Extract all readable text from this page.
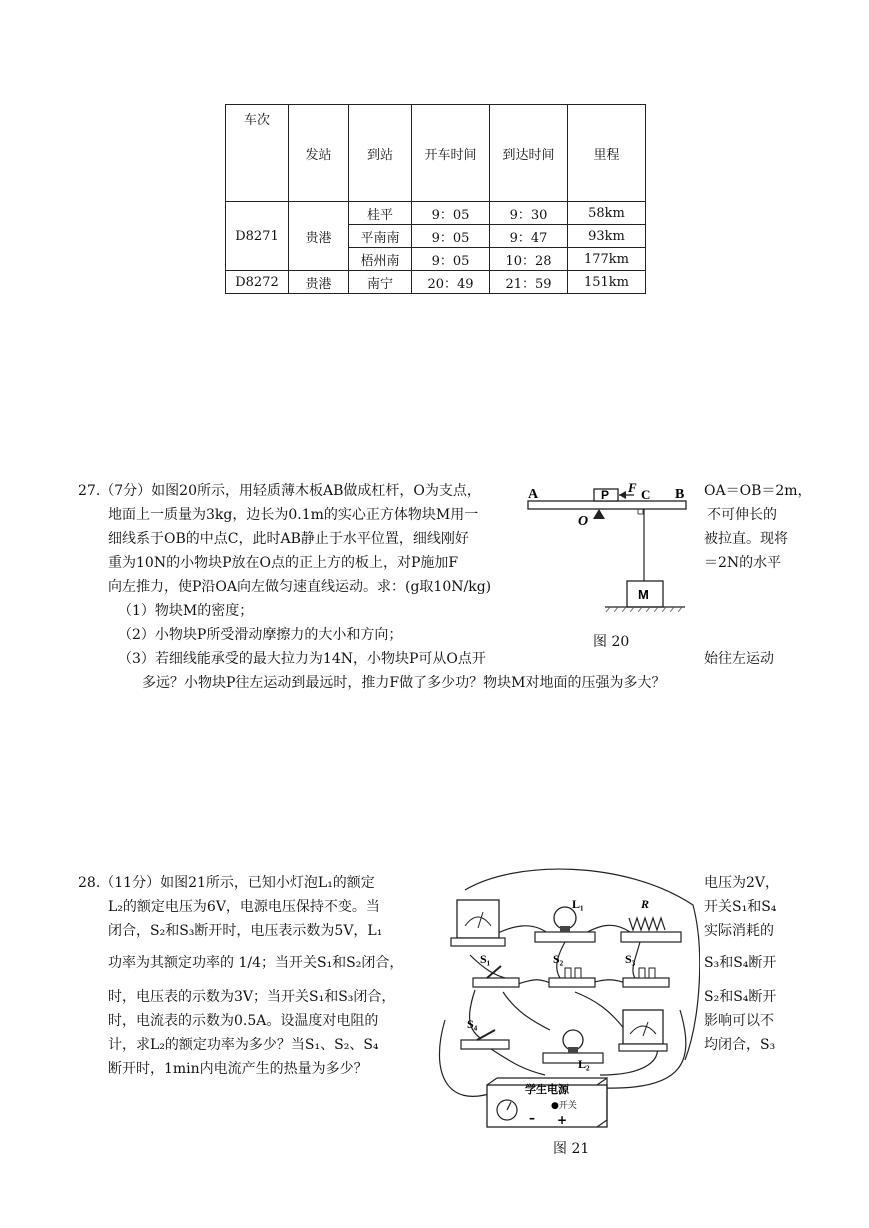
车次	发站	到站	开车时间	到达时间	里程
D8271	贵港	桂平	9：05	9：30	58km
		平南南	9：05	9：47	93km
		梧州南	9：05	10：28	177km
D8272	贵港	南宁	20：49	21：59	151km
27.（7分）如图20所示，用轻质薄木板AB做成杠杆，O为支点，
地面上一质量为3kg，边长为0.1m的实心正方体物块M用一
细线系于OB的中点C，此时AB静止于水平位置，细线刚好
重为10N的小物块P放在O点的正上方的板上，对P施加F
向左推力，使P沿OA向左做匀速直线运动。求：(g取10N/kg)
（1）物块M的密度；
（2）小物块P所受滑动摩擦力的大小和方向；
（3）若细线能承受的最大拉力为14N，小物块P可从O点开
多远？小物块P往左运动到最远时，推力F做了多少功？物块M对地面的压强为多大？
OA＝OB＝2m，
不可伸长的
被拉直。现将
＝2N的水平
始往左运动
A	B
P F C
O
M
图 20
28.（11分）如图21所示，已知小灯泡L₁的额定
L₂的额定电压为6V，电源电压保持不变。当
闭合，S₂和S₃断开时，电压表示数为5V，L₁
功率为其额定功率的 1/4；当开关S₁和S₂闭合，
时，电压表的示数为3V；当开关S₁和S₃闭合，
时，电流表的示数为0.5A。设温度对电阻的
计，求L₂的额定功率为多少？当S₁、S₂、S₄
断开时，1min内电流产生的热量为多少？
电压为2V，
开关S₁和S₄
实际消耗的
S₃和S₄断开
S₂和S₄断开
影响可以不
均闭合，S₃
L₁	R
S₁	S₂	S₃
S₄
L₂
学生电源
●开关
– +
图 21
